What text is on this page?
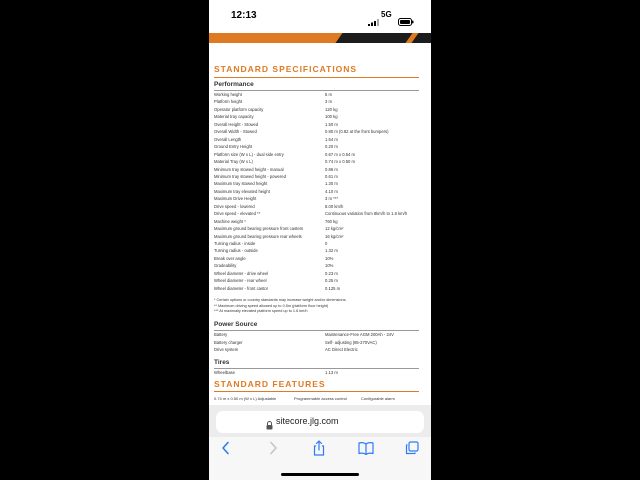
12:13	5G
STANDARD SPECIFICATIONS
Performance
Working height	5 m
Platform height	3 m
Operator platform capacity	120 kg
Material tray capacity	100 kg
Overall Height - Stowed	1.50 m
Overall Width - Stowed	0.80 m (0.82 at the front bumpers)
Overall Length	1.54 m
Ground Entry Height	0.20 m
Platform size (W x L) - dual side entry	0.67 m x 0.54 m
Material Tray (W x L)	0.74 m x 0.50 m
Minimum tray stowed height - manual	0.86 m
Minimum tray stowed height - powered	0.61 m
Maximum tray stowed height	1.30 m
Maximum tray elevated height	4.10 m
Maximum Drive Height	3 m ***
Drive speed - lowered	8.00 km/h
Drive speed - elevated **	Continuous variation from 8km/h to 1.6 km/h
Machine weight *	760 kg
Maximum ground bearing pressure front casters	12 kg/cm²
Maximum ground bearing pressure rear wheels	16 kg/cm²
Turning radius - inside	0
Turning radius - outside	1.32 m
Break over angle	10%
Gradeability	10%
Wheel diameter - drive wheel	0.23 m
Wheel diameter - rear wheel	0.25 m
Wheel diameter - front castor	0.125 m
* Certain options or country standards may increase weight and/or dimensions.
** Maximum driving speed allowed up to 0.5m (platform floor height)
*** At maximally elevated platform speed up to 1.6 km/h
Power Source
Battery	Maintenance-Free AGM 200Ah - 24V
Battery charger	Self- adjusting (85-270VAC)
Drive system	AC Direct Electric
Tires
Wheelbase	1.13 m
STANDARD FEATURES
0.74 m x 0.50 m (W x L) Adjustable	Programmable access control	Configurable alarm
sitecore.jlg.com
